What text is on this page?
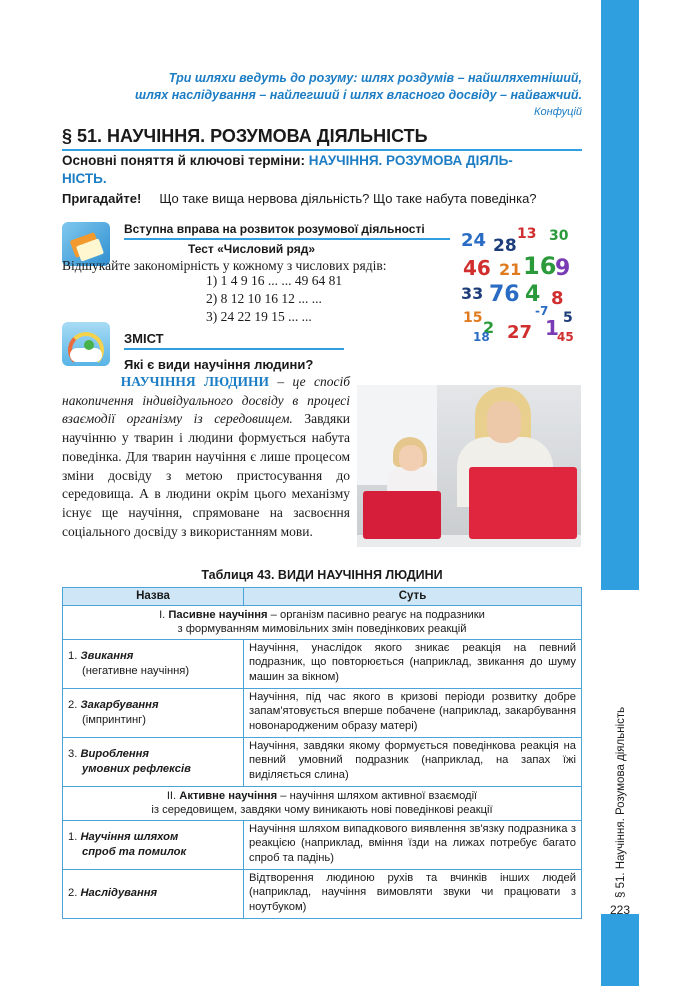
§ 51. Научіння. Розумова діяльність
223
Три шляхи ведуть до розуму: шлях роздумів – найшляхетніший,
шлях наслідування – найлегший і шлях власного досвіду – найважчий.
Конфуцій
§ 51. НАУЧІННЯ. РОЗУМОВА ДІЯЛЬНІСТЬ
Основні поняття й ключові терміни: НАУЧІННЯ. РОЗУМОВА ДІЯЛЬ-
НІСТЬ.
Пригадайте! Що таке вища нервова діяльність? Що таке набута поведінка?
Вступна вправа на розвиток розумової діяльності
Тест «Числовий ряд»
Відшукайте закономірність у кожному з числових рядів:
1) 1 4 9 16 ... ... 49 64 81
2) 8 12 10 16 12 ... ...
3) 24 22 19 15 ... ...
24 28
13 30
46 21 16
9
33 76 4 8
15 2 27 1 5
-7
45
18
ЗМІСТ
Які є види научіння людини?
НАУЧІННЯ ЛЮДИНИ – це спосіб накопичення індивідуального досвіду в процесі взаємодії організму із середовищем. Завдяки научінню у тварин і людини формується набута поведінка. Для тварин научіння є лише процесом зміни досвіду з метою пристосування до середовища. А в людини окрім цього механізму існує ще научіння, спрямоване на засвоєння соціального досвіду з використанням мови.
Таблиця 43. ВИДИ НАУЧІННЯ ЛЮДИНИ
Назва	Суть
I. Пасивне научіння – організм пасивно реагує на подразники
з формуванням мимовільних змін поведінкових реакцій	
1. Звикання
(негативне научіння)	Научіння, унаслідок якого зникає реакція на певний подразник, що повторюється (наприклад, звикання до шуму машин за вікном)
2. Закарбування
(імпринтинг)	Научіння, під час якого в кризові періоди розвитку добре запам'ятовується вперше побачене (наприклад, закарбування новонародженим образу матері)
3. Вироблення
умовних рефлексів	Научіння, завдяки якому формується поведінкова реакція на певний умовний подразник (наприклад, на запах їжі виділяється слина)
II. Активне научіння – научіння шляхом активної взаємодії
із середовищем, завдяки чому виникають нові поведінкові реакції	
1. Научіння шляхом
спроб та помилок	Научіння шляхом випадкового виявлення зв'язку подразника з реакцією (наприклад, вміння їзди на лижах потребує багато спроб та падінь)
2. Наслідування	Відтворення людиною рухів та вчинків інших людей (наприклад, научіння вимовляти звуки чи працювати з ноутбуком)
